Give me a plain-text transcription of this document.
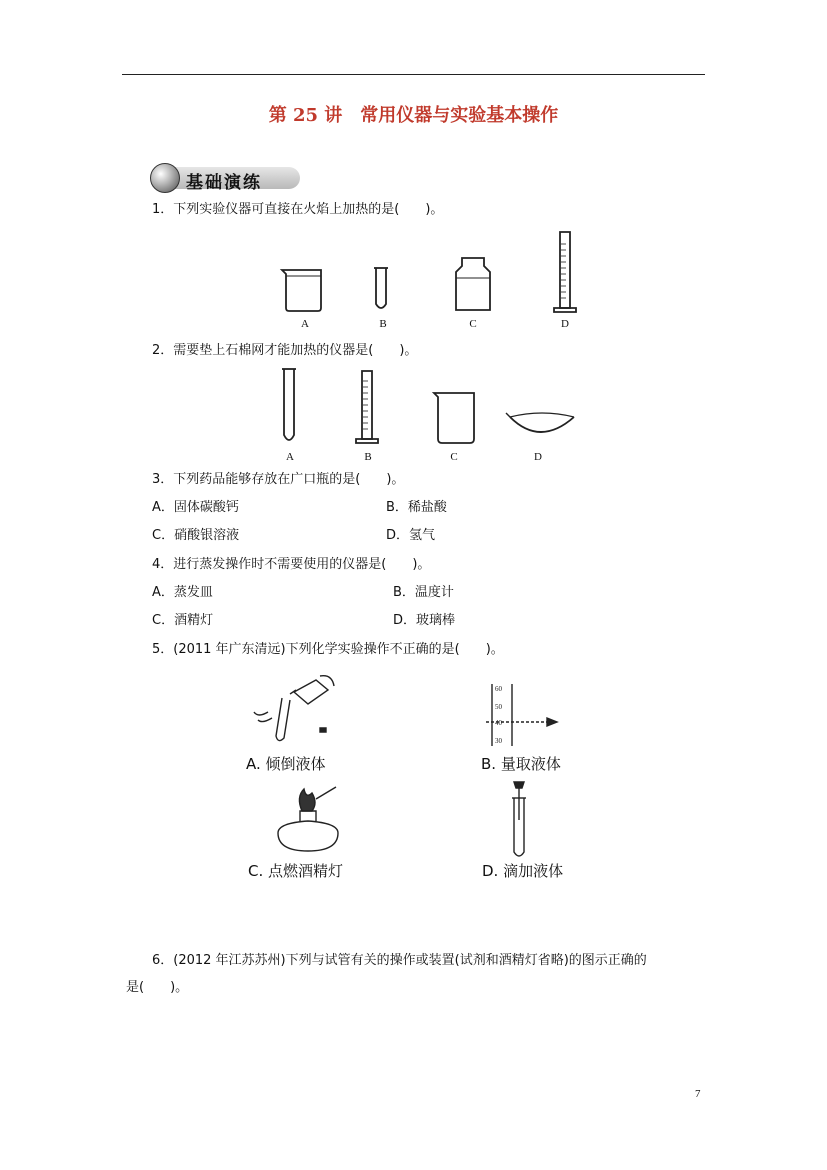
第 25 讲 常用仪器与实验基本操作
基础演练
1．下列实验仪器可直接在火焰上加热的是(　　)。
A	B	C	D
2．需要垫上石棉网才能加热的仪器是(　　)。
A	B	C	D
3．下列药品能够存放在广口瓶的是(　　)。
A．固体碳酸钙	B．稀盐酸
C．硝酸银溶液	D．氢气
4．进行蒸发操作时不需要使用的仪器是(　　)。
A．蒸发皿	B．温度计
C．酒精灯	D．玻璃棒
5．(2011 年广东清远)下列化学实验操作不正确的是(　　)。
A. 倾倒液体
60
50
40
30
B. 量取液体
C. 点燃酒精灯	D. 滴加液体
6．(2012 年江苏苏州)下列与试管有关的操作或装置(试剂和酒精灯省略)的图示正确的
是(　　)。
7
